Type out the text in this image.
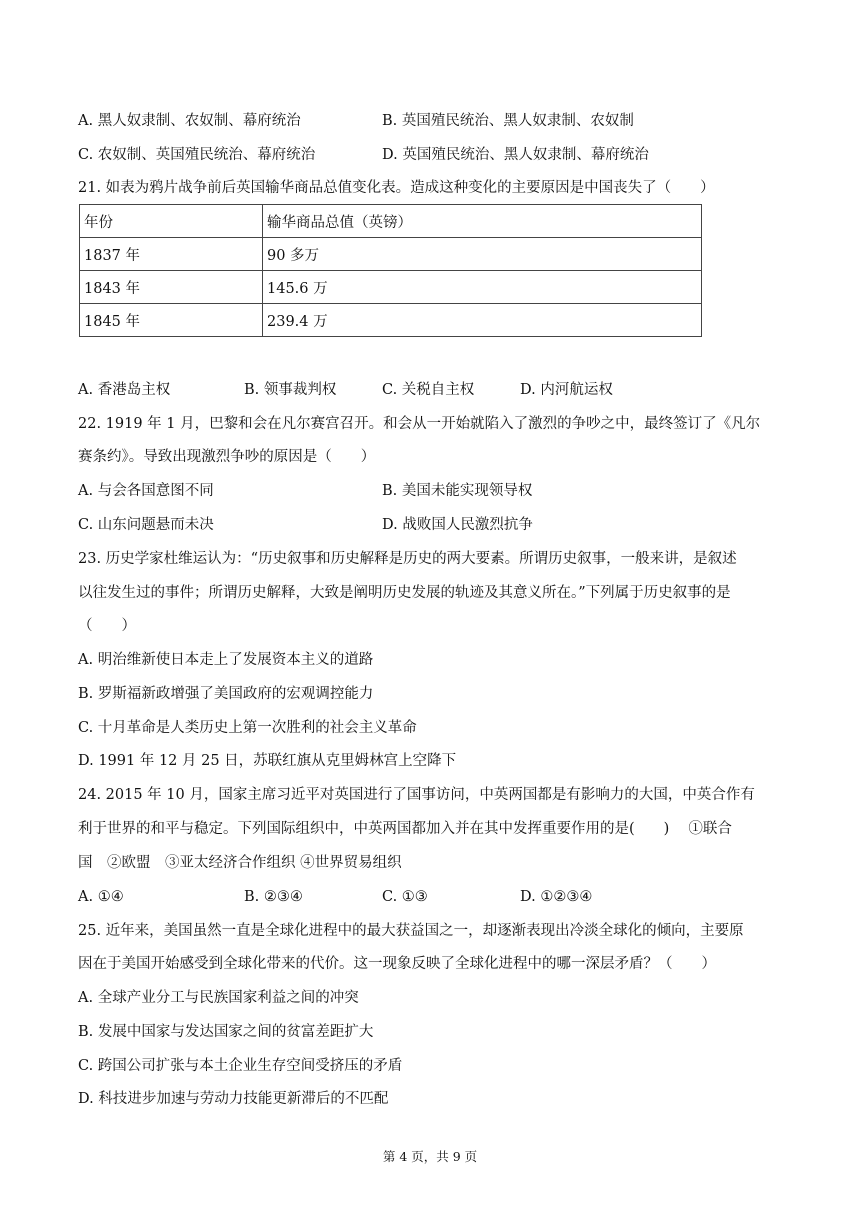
A. 黑人奴隶制、农奴制、幕府统治	B. 英国殖民统治、黑人奴隶制、农奴制
C. 农奴制、英国殖民统治、幕府统治	D. 英国殖民统治、黑人奴隶制、幕府统治
21. 如表为鸦片战争前后英国输华商品总值变化表。造成这种变化的主要原因是中国丧失了（　　）
年份	输华商品总值（英镑）
1837 年	90 多万
1843 年	145.6 万
1845 年	239.4 万
A. 香港岛主权	B. 领事裁判权	C. 关税自主权	D. 内河航运权
22. 1919 年 1 月，巴黎和会在凡尔赛宫召开。和会从一开始就陷入了激烈的争吵之中，最终签订了《凡尔
赛条约》。导致出现激烈争吵的原因是（　　）
A. 与会各国意图不同	B. 美国未能实现领导权
C. 山东问题悬而未决	D. 战败国人民激烈抗争
23. 历史学家杜维运认为：“历史叙事和历史解释是历史的两大要素。所谓历史叙事，一般来讲，是叙述
以往发生过的事件；所谓历史解释，大致是阐明历史发展的轨迹及其意义所在。”下列属于历史叙事的是
（　　）
A. 明治维新使日本走上了发展资本主义的道路
B. 罗斯福新政增强了美国政府的宏观调控能力
C. 十月革命是人类历史上第一次胜利的社会主义革命
D. 1991 年 12 月 25 日，苏联红旗从克里姆林宫上空降下
24. 2015 年 10 月，国家主席习近平对英国进行了国事访问，中英两国都是有影响力的大国，中英合作有
利于世界的和平与稳定。下列国际组织中，中英两国都加入并在其中发挥重要作用的是(　　)　 ①联合
国　②欧盟　③亚太经济合作组织 ④世界贸易组织
A. ①④	B. ②③④	C. ①③	D. ①②③④
25. 近年来，美国虽然一直是全球化进程中的最大获益国之一，却逐渐表现出冷淡全球化的倾向，主要原
因在于美国开始感受到全球化带来的代价。这一现象反映了全球化进程中的哪一深层矛盾？（　　）
A. 全球产业分工与民族国家利益之间的冲突
B. 发展中国家与发达国家之间的贫富差距扩大
C. 跨国公司扩张与本土企业生存空间受挤压的矛盾
D. 科技进步加速与劳动力技能更新滞后的不匹配
第 4 页，共 9 页
